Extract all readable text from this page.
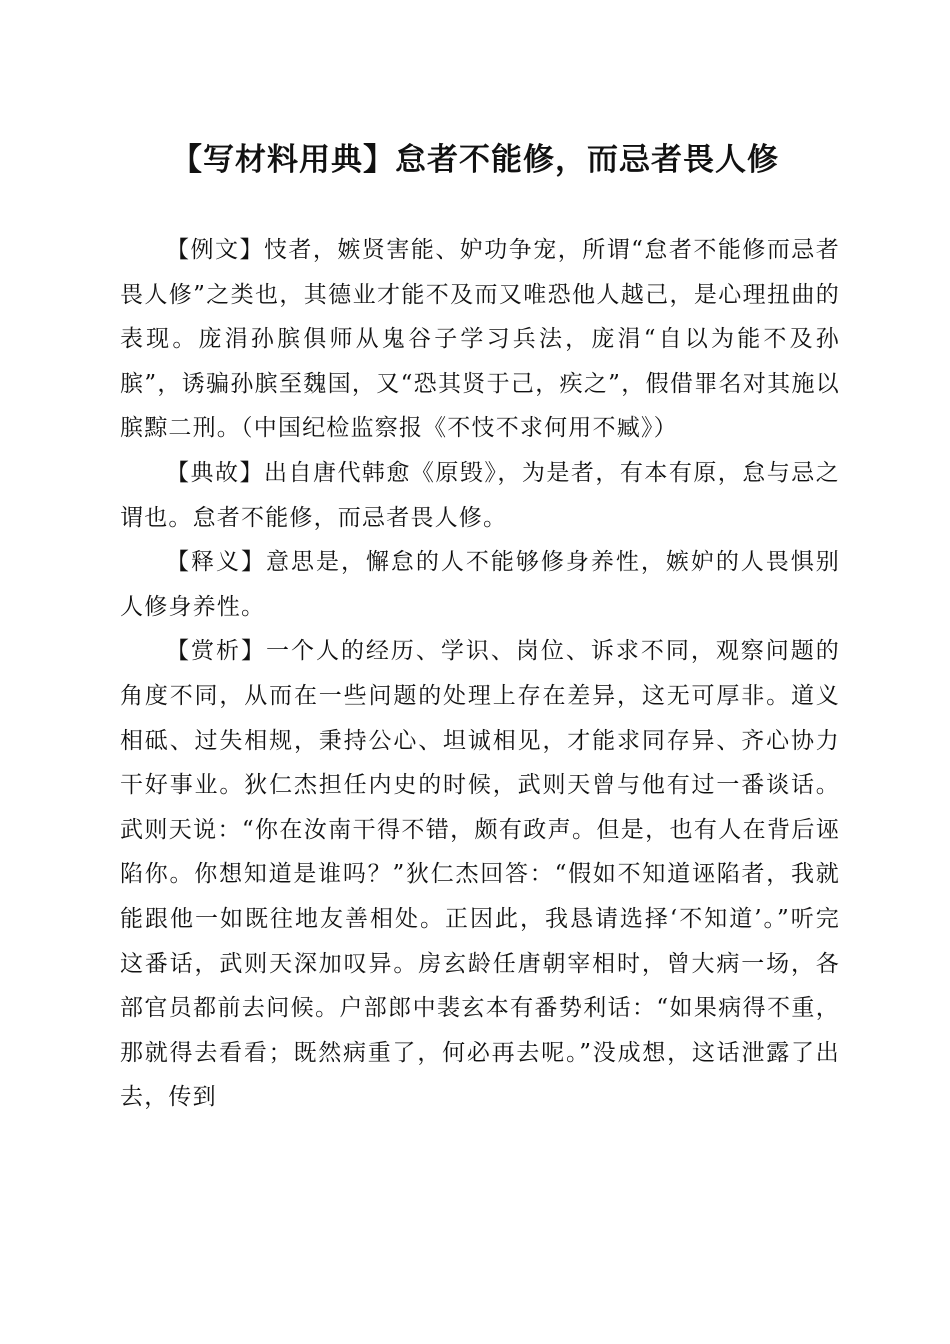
【写材料用典】怠者不能修，而忌者畏人修

【例文】忮者，嫉贤害能、妒功争宠，所谓“怠者不能修而忌者畏人修”之类也，其德业才能不及而又唯恐他人越己，是心理扭曲的表现。庞涓孙膑俱师从鬼谷子学习兵法，庞涓“自以为能不及孙膑”，诱骗孙膑至魏国，又“恐其贤于己，疾之”，假借罪名对其施以膑黥二刑。（中国纪检监察报《不忮不求何用不臧》）

【典故】出自唐代韩愈《原毁》，为是者，有本有原，怠与忌之谓也。怠者不能修，而忌者畏人修。

【释义】意思是，懈怠的人不能够修身养性，嫉妒的人畏惧别人修身养性。

【赏析】一个人的经历、学识、岗位、诉求不同，观察问题的角度不同，从而在一些问题的处理上存在差异，这无可厚非。道义相砥、过失相规，秉持公心、坦诚相见，才能求同存异、齐心协力干好事业。狄仁杰担任内史的时候，武则天曾与他有过一番谈话。武则天说：“你在汝南干得不错，颇有政声。但是，也有人在背后诬陷你。你想知道是谁吗？”狄仁杰回答：“假如不知道诬陷者，我就能跟他一如既往地友善相处。正因此，我恳请选择‘不知道’。”听完这番话，武则天深加叹异。房玄龄任唐朝宰相时，曾大病一场，各部官员都前去问候。户部郎中裴玄本有番势利话：“如果病得不重，那就得去看看；既然病重了，何必再去呢。”没成想，这话泄露了出去，传到
